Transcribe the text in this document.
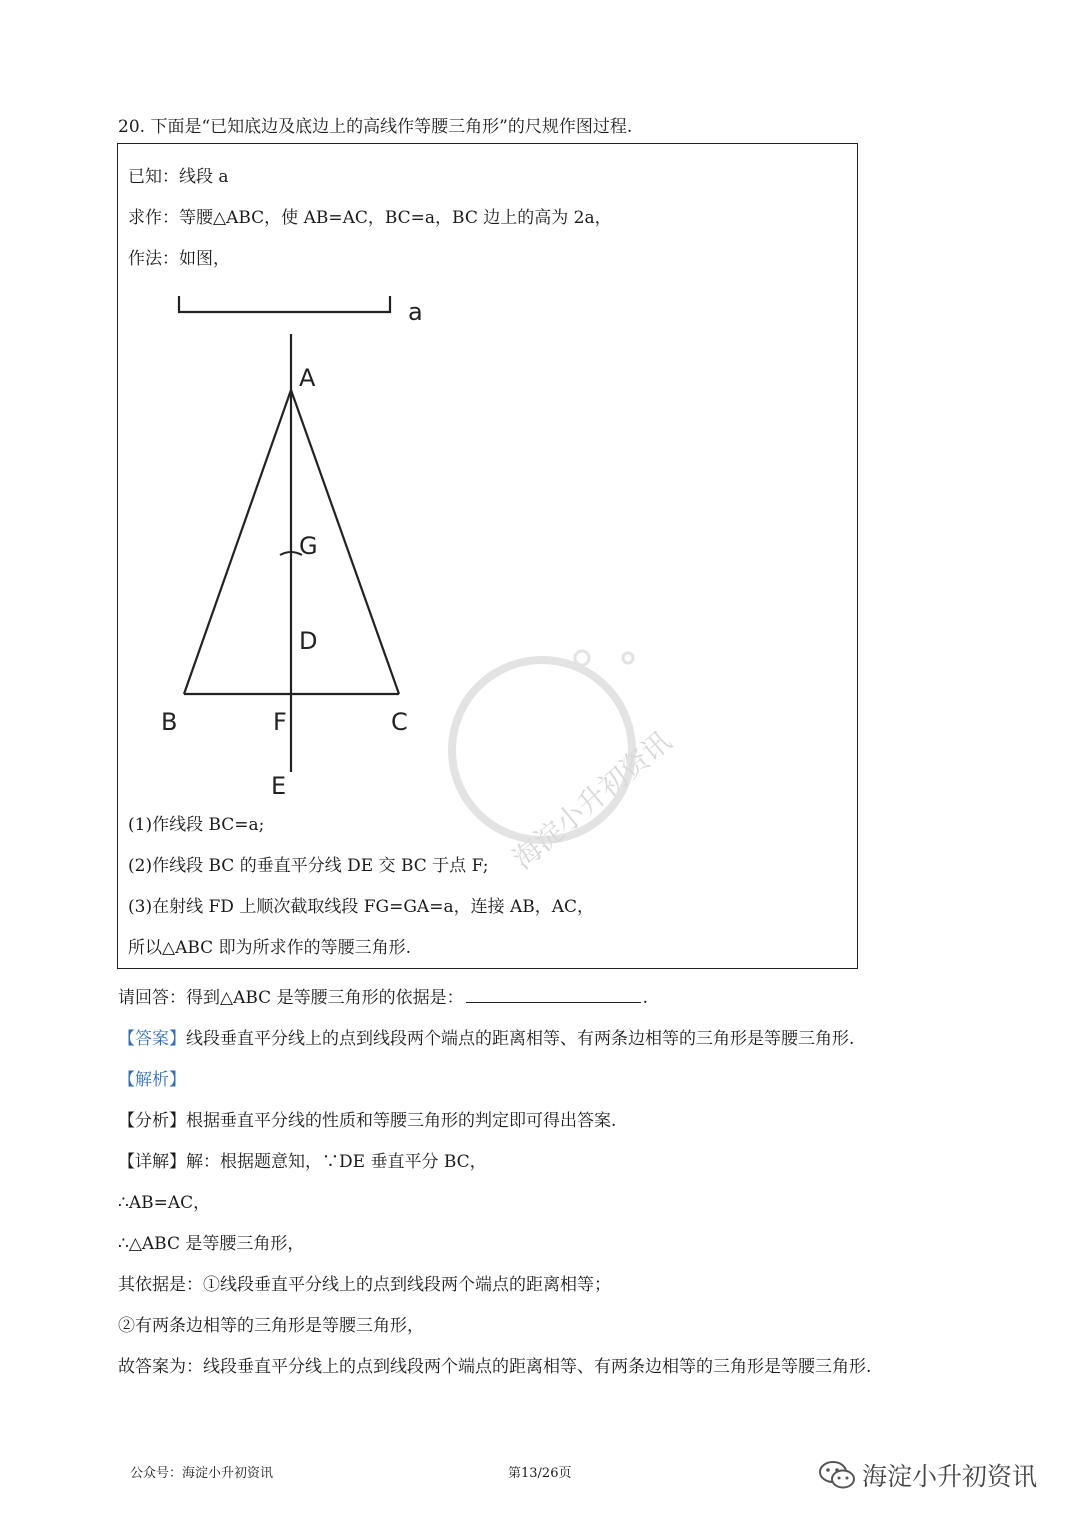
20. 下面是“已知底边及底边上的高线作等腰三角形”的尺规作图过程.
已知：线段 a
求作：等腰△ABC，使 AB=AC，BC=a，BC 边上的高为 2a，
作法：如图，
a
A
G
D
B	F	C
E
(1)作线段 BC=a;
(2)作线段 BC 的垂直平分线 DE 交 BC 于点 F;
(3)在射线 FD 上顺次截取线段 FG=GA=a，连接 AB，AC，
所以△ABC 即为所求作的等腰三角形.
海淀小升初资讯
请回答：得到△ABC 是等腰三角形的依据是：	.
【答案】线段垂直平分线上的点到线段两个端点的距离相等、有两条边相等的三角形是等腰三角形.
【解析】
【分析】根据垂直平分线的性质和等腰三角形的判定即可得出答案.
【详解】解：根据题意知，∵DE 垂直平分 BC，
∴AB=AC，
∴△ABC 是等腰三角形，
其依据是：①线段垂直平分线上的点到线段两个端点的距离相等；
②有两条边相等的三角形是等腰三角形，
故答案为：线段垂直平分线上的点到线段两个端点的距离相等、有两条边相等的三角形是等腰三角形.
公众号：海淀小升初资讯	第13/26页	海淀小升初资讯
